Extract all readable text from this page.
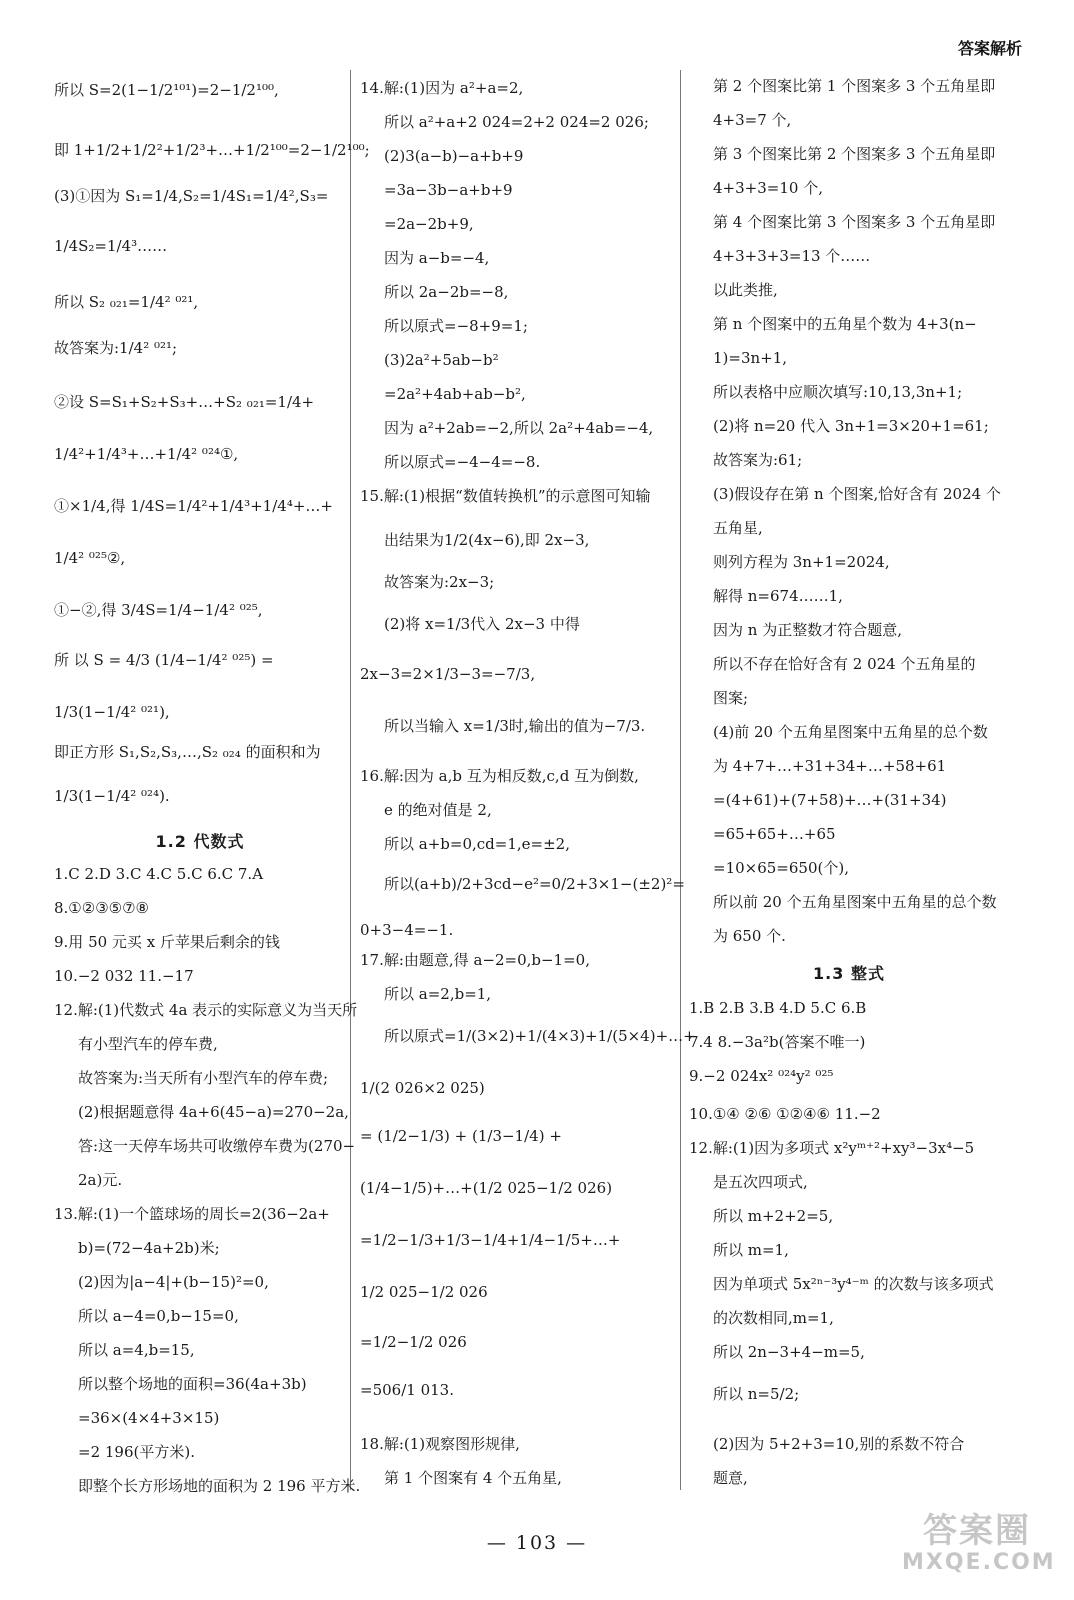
答案解析
所以 S=2(1−1/2¹⁰¹)=2−1/2¹⁰⁰,
即 1+1/2+1/2²+1/2³+…+1/2¹⁰⁰=2−1/2¹⁰⁰;
(3)①因为 S₁=1/4,S₂=1/4S₁=1/4²,S₃=
1/4S₂=1/4³……
所以 S₂ ₀₂₁=1/4² ⁰²¹,
故答案为:1/4² ⁰²¹;
②设 S=S₁+S₂+S₃+…+S₂ ₀₂₁=1/4+
1/4²+1/4³+…+1/4² ⁰²⁴①,
①×1/4,得 1/4S=1/4²+1/4³+1/4⁴+…+
1/4² ⁰²⁵②,
①−②,得 3/4S=1/4−1/4² ⁰²⁵,
所 以 S = 4/3 (1/4−1/4² ⁰²⁵) =
1/3(1−1/4² ⁰²¹),
即正方形 S₁,S₂,S₃,…,S₂ ₀₂₄ 的面积和为
1/3(1−1/4² ⁰²⁴).
1.2 代数式
1.C 2.D 3.C 4.C 5.C 6.C 7.A
8.①②③⑤⑦⑧
9.用 50 元买 x 斤苹果后剩余的钱
10.−2 032 11.−17
12.解:(1)代数式 4a 表示的实际意义为当天所
有小型汽车的停车费,
故答案为:当天所有小型汽车的停车费;
(2)根据题意得 4a+6(45−a)=270−2a,
答:这一天停车场共可收缴停车费为(270−
2a)元.
13.解:(1)一个篮球场的周长=2(36−2a+
b)=(72−4a+2b)米;
(2)因为|a−4|+(b−15)²=0,
所以 a−4=0,b−15=0,
所以 a=4,b=15,
所以整个场地的面积=36(4a+3b)
=36×(4×4+3×15)
=2 196(平方米).
即整个长方形场地的面积为 2 196 平方米.
14.解:(1)因为 a²+a=2,
所以 a²+a+2 024=2+2 024=2 026;
(2)3(a−b)−a+b+9
=3a−3b−a+b+9
=2a−2b+9,
因为 a−b=−4,
所以 2a−2b=−8,
所以原式=−8+9=1;
(3)2a²+5ab−b²
=2a²+4ab+ab−b²,
因为 a²+2ab=−2,所以 2a²+4ab=−4,
所以原式=−4−4=−8.
15.解:(1)根据“数值转换机”的示意图可知输
出结果为1/2(4x−6),即 2x−3,
故答案为:2x−3;
(2)将 x=1/3代入 2x−3 中得
2x−3=2×1/3−3=−7/3,
所以当输入 x=1/3时,输出的值为−7/3.
16.解:因为 a,b 互为相反数,c,d 互为倒数,
e 的绝对值是 2,
所以 a+b=0,cd=1,e=±2,
所以(a+b)/2+3cd−e²=0/2+3×1−(±2)²=
0+3−4=−1.
17.解:由题意,得 a−2=0,b−1=0,
所以 a=2,b=1,
所以原式=1/(3×2)+1/(4×3)+1/(5×4)+…+
1/(2 026×2 025)
= (1/2−1/3) + (1/3−1/4) +
(1/4−1/5)+…+(1/2 025−1/2 026)
=1/2−1/3+1/3−1/4+1/4−1/5+…+
1/2 025−1/2 026
=1/2−1/2 026
=506/1 013.
18.解:(1)观察图形规律,
第 1 个图案有 4 个五角星,
第 2 个图案比第 1 个图案多 3 个五角星即
4+3=7 个,
第 3 个图案比第 2 个图案多 3 个五角星即
4+3+3=10 个,
第 4 个图案比第 3 个图案多 3 个五角星即
4+3+3+3=13 个……
以此类推,
第 n 个图案中的五角星个数为 4+3(n−
1)=3n+1,
所以表格中应顺次填写:10,13,3n+1;
(2)将 n=20 代入 3n+1=3×20+1=61;
故答案为:61;
(3)假设存在第 n 个图案,恰好含有 2024 个
五角星,
则列方程为 3n+1=2024,
解得 n=674……1,
因为 n 为正整数才符合题意,
所以不存在恰好含有 2 024 个五角星的
图案;
(4)前 20 个五角星图案中五角星的总个数
为 4+7+…+31+34+…+58+61
=(4+61)+(7+58)+…+(31+34)
=65+65+…+65
=10×65=650(个),
所以前 20 个五角星图案中五角星的总个数
为 650 个.
1.3 整式
1.B 2.B 3.B 4.D 5.C 6.B
7.4 8.−3a²b(答案不唯一)
9.−2 024x² ⁰²⁴y² ⁰²⁵
10.①④ ②⑥ ①②④⑥ 11.−2
12.解:(1)因为多项式 x²yᵐ⁺²+xy³−3x⁴−5
是五次四项式,
所以 m+2+2=5,
所以 m=1,
因为单项式 5x²ⁿ⁻³y⁴⁻ᵐ 的次数与该多项式
的次数相同,m=1,
所以 2n−3+4−m=5,
所以 n=5/2;
(2)因为 5+2+3=10,别的系数不符合
题意,
— 103 —	答案圈
MXQE.COM
